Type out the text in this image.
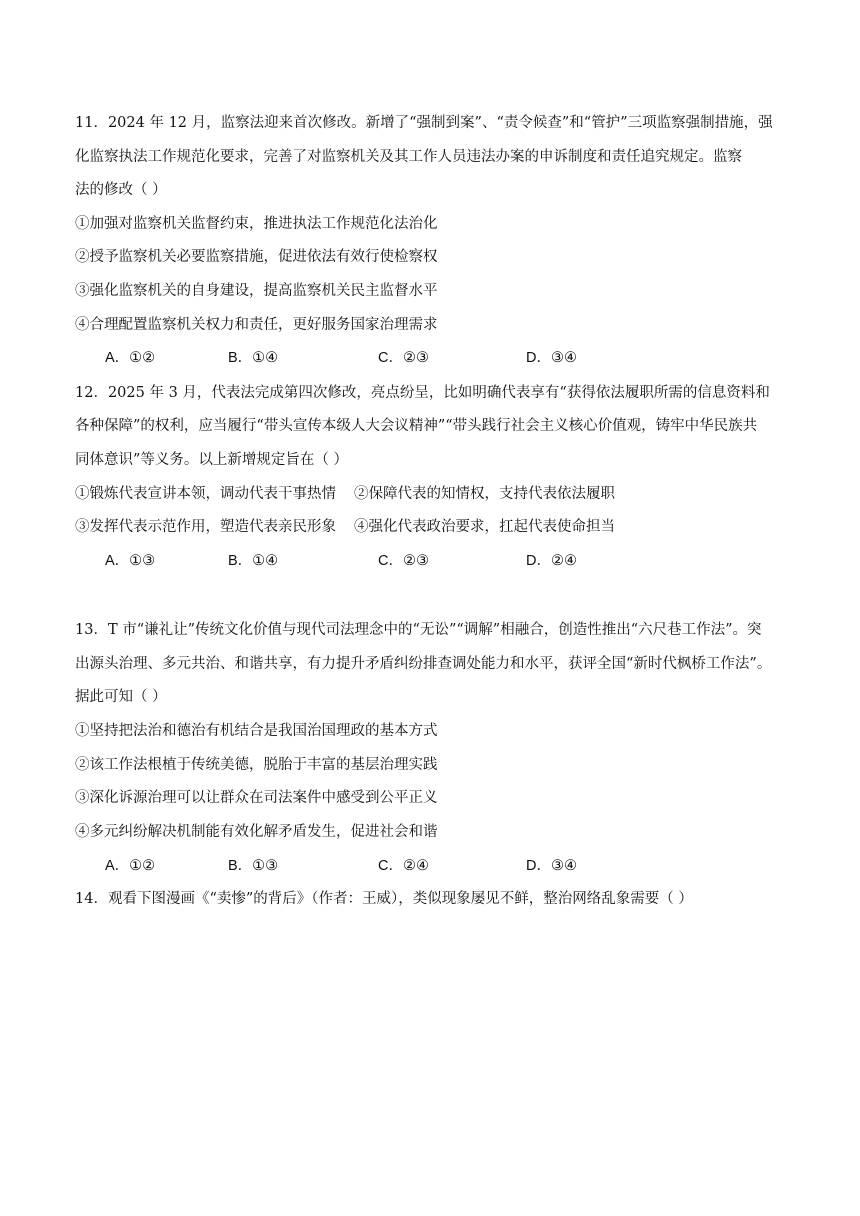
11．2024 年 12 月，监察法迎来首次修改。新增了“强制到案”、“责令候查”和“管护”三项监察强制措施，强
化监察执法工作规范化要求，完善了对监察机关及其工作人员违法办案的申诉制度和责任追究规定。监察
法的修改（ ）
①加强对监察机关监督约束，推进执法工作规范化法治化
②授予监察机关必要监察措施，促进依法有效行使检察权
③强化监察机关的自身建设，提高监察机关民主监督水平
④合理配置监察机关权力和责任，更好服务国家治理需求
A．①②	B．①④	C．②③	D．③④
12．2025 年 3 月，代表法完成第四次修改，亮点纷呈，比如明确代表享有“获得依法履职所需的信息资料和
各种保障”的权利，应当履行“带头宣传本级人大会议精神”“带头践行社会主义核心价值观，铸牢中华民族共
同体意识”等义务。以上新增规定旨在（ ）
①锻炼代表宣讲本领，调动代表干事热情 ②保障代表的知情权，支持代表依法履职
③发挥代表示范作用，塑造代表亲民形象 ④强化代表政治要求，扛起代表使命担当
A．①③	B．①④	C．②③	D．②④
13．T 市“谦礼让”传统文化价值与现代司法理念中的“无讼”“调解”相融合，创造性推出“六尺巷工作法”。突
出源头治理、多元共治、和谐共享，有力提升矛盾纠纷排查调处能力和水平，获评全国“新时代枫桥工作法”。
据此可知（ ）
①坚持把法治和德治有机结合是我国治国理政的基本方式
②该工作法根植于传统美德，脱胎于丰富的基层治理实践
③深化诉源治理可以让群众在司法案件中感受到公平正义
④多元纠纷解决机制能有效化解矛盾发生，促进社会和谐
A．①②	B．①③	C．②④	D．③④
14．观看下图漫画《“卖惨”的背后》（作者：王威），类似现象屡见不鲜，整治网络乱象需要（ ）
